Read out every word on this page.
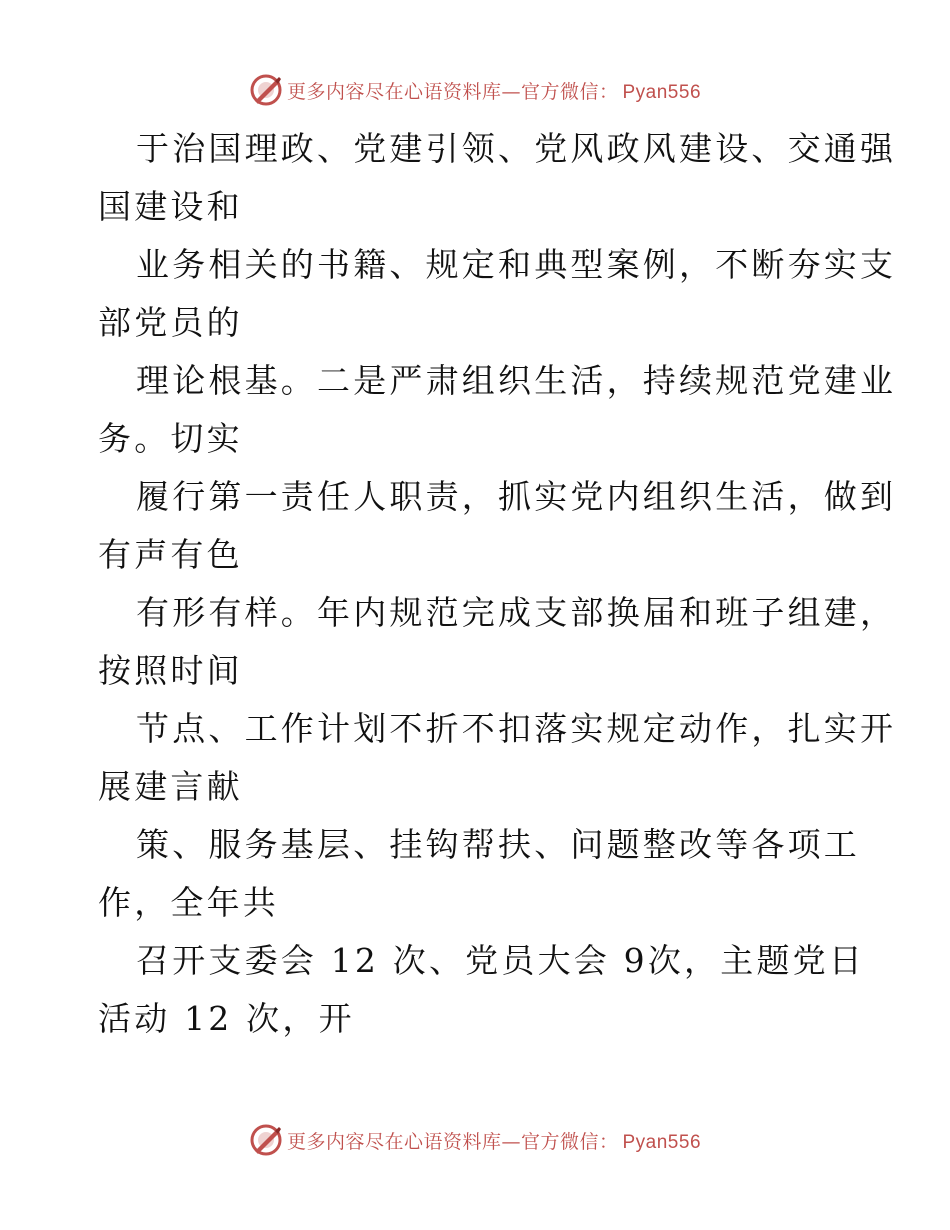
更多内容尽在心语资料库—官方微信： Pyan556
于治国理政、党建引领、党风政风建设、交通强
国建设和
业务相关的书籍、规定和典型案例，不断夯实支
部党员的
理论根基。二是严肃组织生活，持续规范党建业
务。切实
履行第一责任人职责，抓实党内组织生活，做到
有声有色
有形有样。年内规范完成支部换届和班子组建，
按照时间
节点、工作计划不折不扣落实规定动作，扎实开
展建言献
策、服务基层、挂钩帮扶、问题整改等各项工
作，全年共
召开支委会 12 次、党员大会 9次，主题党日
活动 12 次，开
更多内容尽在心语资料库—官方微信： Pyan556
